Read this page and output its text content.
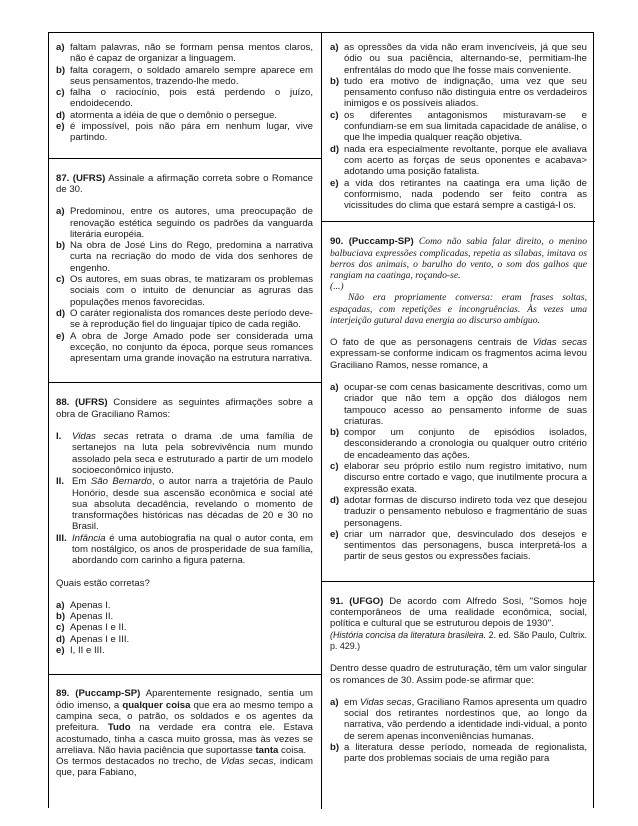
a) faltam palavras, não se formam pensa mentos claros, não é capaz de organizar a linguagem.
b) falta coragem, o soldado amarelo sempre aparece em seus pensamentos, trazendo-lhe medo.
c) falha o raciocínio, pois está perdendo o juízo, endoidecendo.
d) atormenta a idéia de que o demônio o persegue.
e) é impossível, pois não pára em nenhum lugar, vive partindo.
87. (UFRS) Assinale a afirmação correta sobre o Romance de 30.
a) Predominou, entre os autores, uma preocupação de renovação estética seguindo os padrões da vanguarda literária européia.
b) Na obra de José Lins do Rego, predomina a narrativa curta na recriação do modo de vida dos senhores de engenho.
c) Os autores, em suas obras, te matizaram os problemas sociais com o intuito de denunciar as agruras das populações menos favorecidas.
d) O caráter regionalista dos romances deste período deve-se à reprodução fiel do linguajar típico de cada região.
e) A obra de Jorge Amado pode ser considerada uma exceção, no conjunto da época, porque seus romances apresentam uma grande inovação na estrutura narrativa.
88. (UFRS) Considere as seguintes afirmações sobre a obra de Graciliano Ramos:
I. Vidas secas retrata o drama .de uma família de sertanejos na luta pela sobrevivência num mundo assolado pela seca e estruturado a partir de um modelo socioeconômico injusto.
II. Em São Bernardo, o autor narra a trajetória de Paulo Honório, desde sua ascensão econômica e social até sua absoluta decadência, revelando o momento de transformações históricas nas décadas de 20 e 30 no Brasil.
III. Infância é uma autobiografia na qual o autor conta, em tom nostálgico, os anos de prosperidade de sua família, abordando com carinho a figura paterna.
Quais estão corretas?
a) Apenas I.
b) Apenas II.
c) Apenas I e II.
d) Apenas I e III.
e) I, II e III.
89. (Puccamp-SP) Aparentemente resignado, sentia um ódio imenso, a qualquer coisa que era ao mesmo tempo a campina seca, o patrão, os soldados e os agentes da prefeitura. Tudo na verdade era contra ele. Estava acostumado, tinha a casca muito grossa, mas às vezes se arreliava. Não havia paciência que suportasse tanta coisa.
Os termos destacados no trecho, de Vidas secas, indicam que, para Fabiano,
a) as opressões da vida não eram invencíveis, já que seu ódio ou sua paciência, alternando-se, permitiam-lhe enfrentálas do modo que lhe fosse mais conveniente.
b) tudo era motivo de indignação, uma vez que seu pensamento confuso não distinguia entre os verdadeiros inimigos e os possíveis aliados.
c) os diferentes antagonismos misturavam-se e confundiam-se em sua limitada capacidade de análise, o que lhe impedia qualquer reação objetiva.
d) nada era especialmente revoltante, porque ele avaliava com acerto as forças de seus oponentes e acabava> adotando uma posição fatalista.
e) a vida dos retirantes na caatinga era uma lição de conformismo, nada podendo ser feito contra as vicissitudes do clima que estará sempre a castigá-l os.
90. (Puccamp-SP) Como não sabia falar direito, o menino balbuciava expressões complicadas, repetia as sílabas, imitava os berros dos animais, o barulho do vento, o som dos galhos que rangiam na caatinga, roçando-se.
(...)
Não era propriamente conversa: eram frases soltas, espaçadas, com repetições e incongruências. Às vezes uma interjeição gutural dava energia ao discurso ambíguo.
O fato de que as personagens centrais de Vidas secas expressam-se conforme indicam os fragmentos acima levou Graciliano Ramos, nesse romance, a
a) ocupar-se com cenas basicamente descritivas, como um criador que não tem a opção dos diálogos nem tampouco acesso ao pensamento informe de suas criaturas.
b) compor um conjunto de episódios isolados, desconsiderando a cronologia ou qualquer outro critério de encadeamento das ações.
c) elaborar seu próprio estilo num registro imitativo, num discurso entre cortado e vago, que inutilmente procura a expressão exata.
d) adotar formas de discurso indireto toda vez que desejou traduzir o pensamento nebuloso e fragmentário de suas personagens.
e) criar um narrador que, desvinculado dos desejos e sentimentos das personagens, busca interpretá-los a partir de seus gestos ou expressões faciais.
91. (UFGO) De acordo com Alfredo Sosi, "Somos hoje contemporâneos de uma realidade econômica, social, política e cultural que se estruturou depois de 1930".
(História concisa da literatura brasileira. 2. ed. São Paulo, Cultrix. p. 429.)
Dentro desse quadro de estruturação, têm um valor singular os romances de 30. Assim pode-se afirmar que:
a) em Vidas secas, Graciliano Ramos apresenta um quadro social dos retirantes nordestinos que, ao longo da narrativa, vão perdendo a identidade indi-vidual, a ponto de serem apenas inconveniências humanas.
b) a literatura desse período, nomeada de regionalista, parte dos problemas sociais de uma região para
